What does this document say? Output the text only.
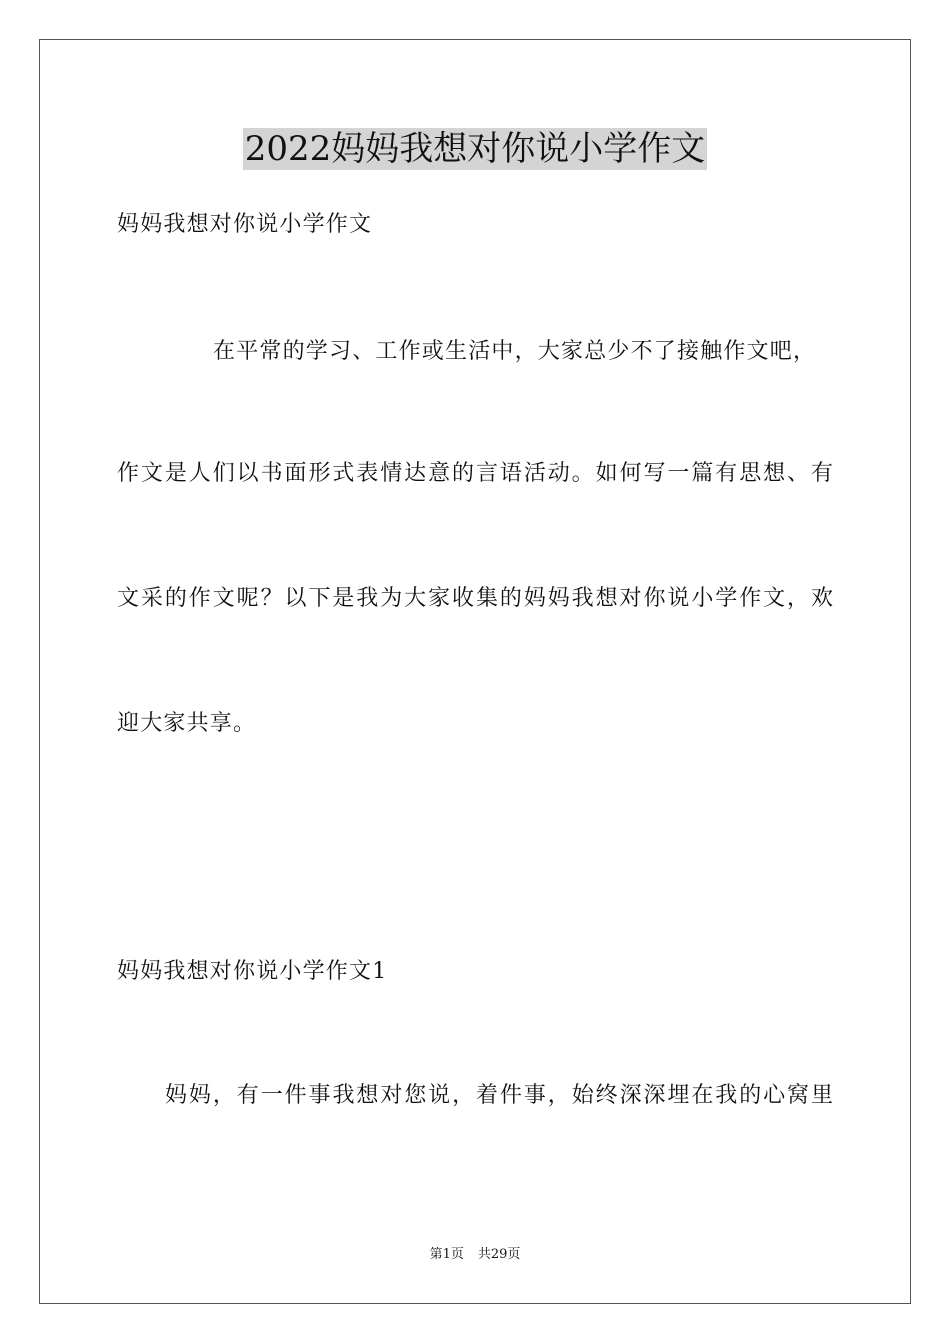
2022妈妈我想对你说小学作文
妈妈我想对你说小学作文
在平常的学习、工作或生活中，大家总少不了接触作文吧，
作文是人们以书面形式表情达意的言语活动。如何写一篇有思想、有
文采的作文呢？以下是我为大家收集的妈妈我想对你说小学作文，欢
迎大家共享。
妈妈我想对你说小学作文1
妈妈，有一件事我想对您说，着件事，始终深深埋在我的心窝里
第1页 共29页
